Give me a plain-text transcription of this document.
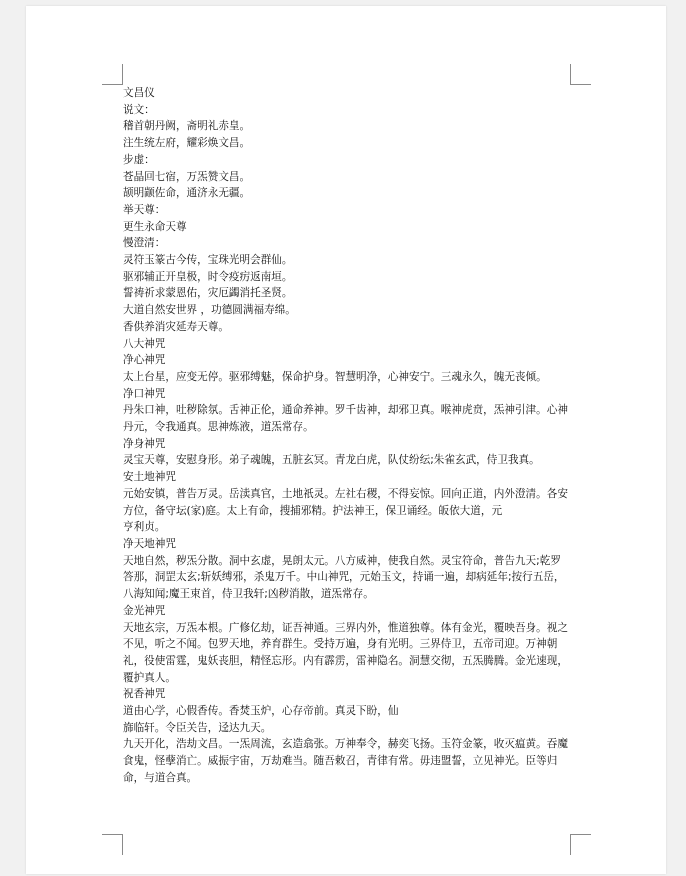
文昌仪

说文：

稽首朝丹阙，斋明礼赤皇。

注生统左府，耀彩焕文昌。

步虚：

苍晶回七宿，万炁赞文昌。

颉明颛佐命，通济永无疆。

举天尊：

更生永命天尊

慢澄清：

灵符玉篆古今传，宝珠光明会群仙。

驱邪辅正开皇极，时令疫疠返南垣。

誓祷祈求蒙恩佑，灾厄蠲消托圣贤。

大道自然安世界 ，功德圆满福寿绵。

香供养消灾延寿天尊。

八大神咒

净心神咒

太上台星，应变无停。驱邪缚魅，保命护身。智慧明净，心神安宁。三魂永久，魄无丧倾。

净口神咒

丹朱口神，吐秽除氛。舌神正伦，通命养神。罗千齿神，却邪卫真。喉神虎贲，炁神引津。心神丹元，令我通真。思神炼液，道炁常存。

净身神咒

灵宝天尊，安慰身形。弟子魂魄，五脏玄冥。青龙白虎，队仗纷纭;朱雀玄武，侍卫我真。

安土地神咒

元始安镇，普告万灵。岳渎真官，土地祇灵。左社右稷，不得妄惊。回向正道，内外澄清。各安方位，备守坛(家)庭。太上有命，搜捕邪精。护法神王，保卫诵经。皈依大道，元

亨利贞。

净天地神咒

天地自然，秽炁分散。洞中玄虚，晃朗太元。八方威神，使我自然。灵宝符命，普告九天;乾罗答那，洞罡太玄;斩妖缚邪，杀鬼万千。中山神咒，元始玉文，持诵一遍，却病延年;按行五岳，八海知闻;魔王束首，侍卫我轩;凶秽消散，道炁常存。

金光神咒

天地玄宗，万炁本根。广修亿劫，证吾神通。三界内外，惟道独尊。体有金光，覆映吾身。视之不见，听之不闻。包罗天地，养育群生。受持万遍，身有光明。三界侍卫，五帝司迎。万神朝礼，役使雷霆，鬼妖丧胆，精怪忘形。内有霹雳，雷神隐名。洞慧交彻，五炁腾腾。金光速现，覆护真人。

祝香神咒

道由心学，心假香传。香焚玉炉，心存帝前。真灵下盼，仙

旆临轩。令臣关告，迳达九天。

九天开化，浩劫文昌。一炁周流，玄造翕张。万神奉令，赫奕飞扬。玉符金篆，收灭瘟黄。吞魔食鬼，怪孽消亡。威振宇宙，万劫难当。随吾敕召，青律有常。毋违盟誓，立见神光。臣等归命，与道合真。
